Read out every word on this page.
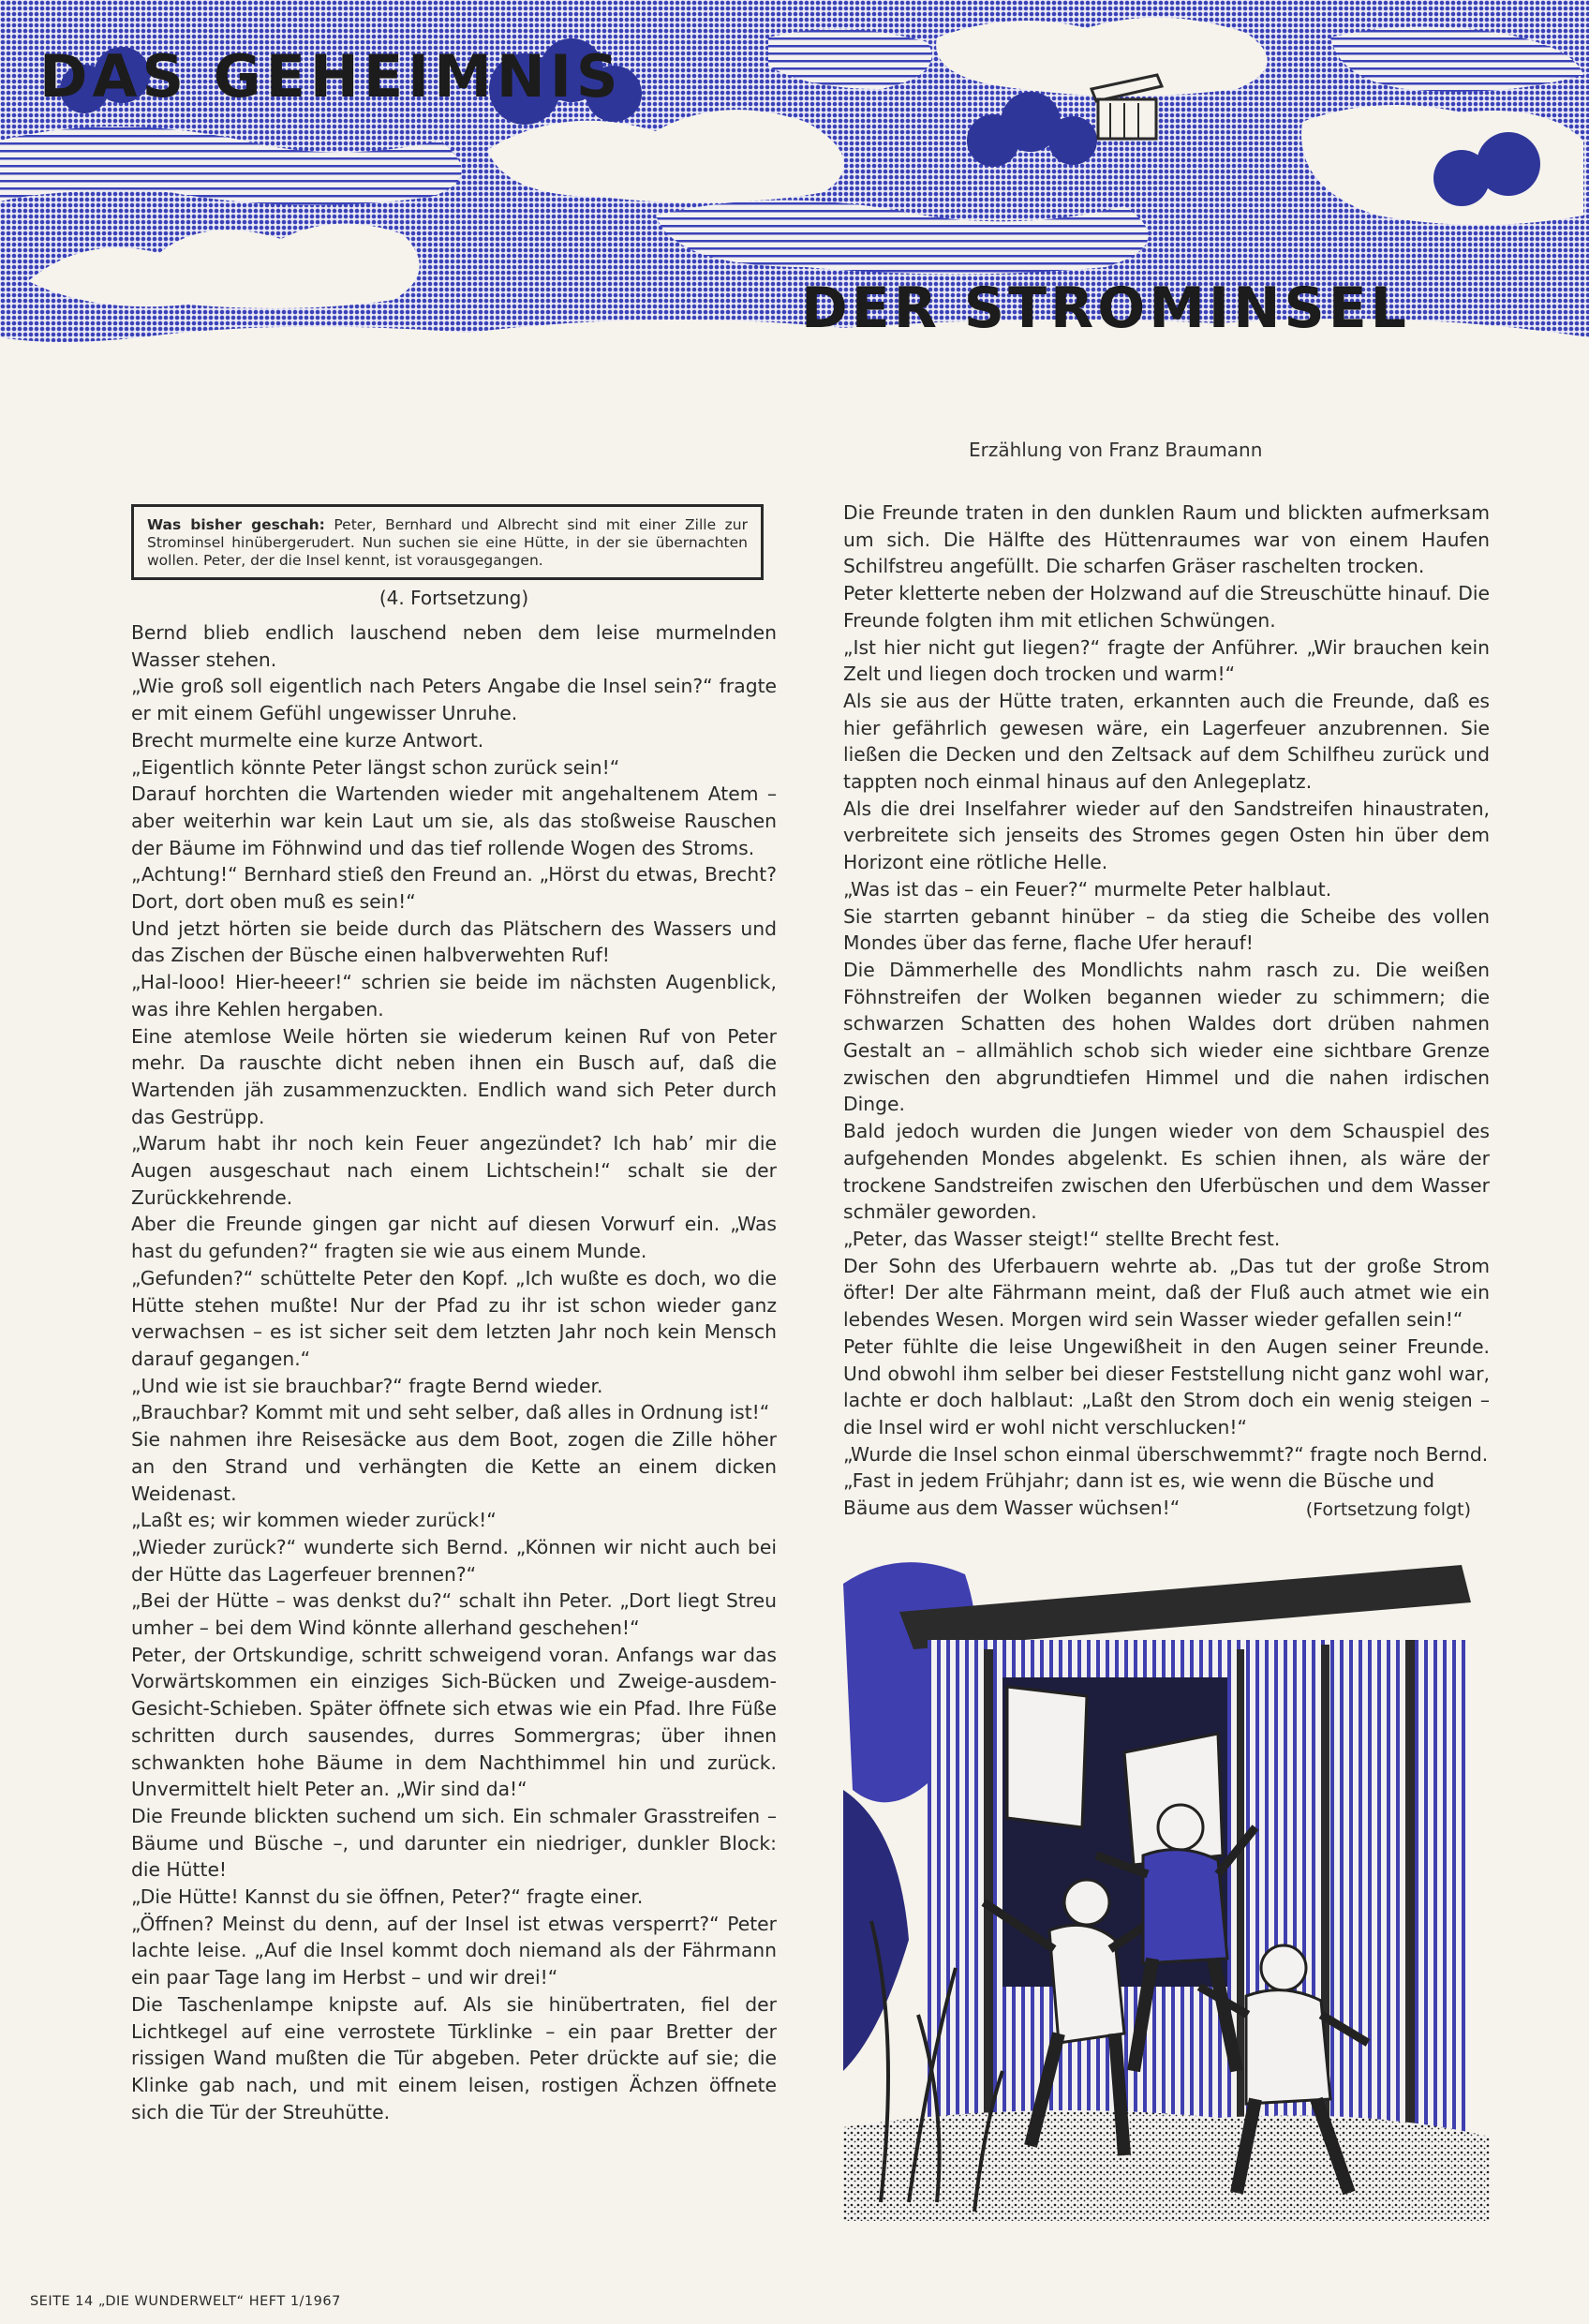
DAS GEHEIMNIS
DER STROMINSEL
Erzählung von Franz Braumann
Was bisher geschah: Peter, Bernhard und Albrecht sind mit einer Zille zur Strominsel hinübergerudert. Nun suchen sie eine Hütte, in der sie übernachten wollen. Peter, der die Insel kennt, ist vorausgegangen.
(4. Fortsetzung)

Bernd blieb endlich lauschend neben dem leise murmelnden Wasser stehen.

„Wie groß soll eigentlich nach Peters Angabe die Insel sein?“ fragte er mit einem Gefühl ungewisser Unruhe.

Brecht murmelte eine kurze Antwort.

„Eigentlich könnte Peter längst schon zurück sein!“

Darauf horchten die Wartenden wieder mit angehaltenem Atem – aber weiterhin war kein Laut um sie, als das stoßweise Rauschen der Bäume im Föhnwind und das tief rollende Wogen des Stroms.

„Achtung!“ Bernhard stieß den Freund an. „Hörst du etwas, Brecht? Dort, dort oben muß es sein!“

Und jetzt hörten sie beide durch das Plätschern des Wassers und das Zischen der Büsche einen halbverwehten Ruf!

„Hal-looo! Hier-heeer!“ schrien sie beide im nächsten Augenblick, was ihre Kehlen hergaben.

Eine atemlose Weile hörten sie wiederum keinen Ruf von Peter mehr. Da rauschte dicht neben ihnen ein Busch auf, daß die Wartenden jäh zusammenzuckten. Endlich wand sich Peter durch das Gestrüpp.

„Warum habt ihr noch kein Feuer angezündet? Ich hab’ mir die Augen ausgeschaut nach einem Lichtschein!“ schalt sie der Zurückkehrende.

Aber die Freunde gingen gar nicht auf diesen Vorwurf ein. „Was hast du gefunden?“ fragten sie wie aus einem Munde.

„Gefunden?“ schüttelte Peter den Kopf. „Ich wußte es doch, wo die Hütte stehen mußte! Nur der Pfad zu ihr ist schon wieder ganz verwachsen – es ist sicher seit dem letzten Jahr noch kein Mensch darauf gegangen.“

„Und wie ist sie brauchbar?“ fragte Bernd wieder.

„Brauchbar? Kommt mit und seht selber, daß alles in Ordnung ist!“

Sie nahmen ihre Reisesäcke aus dem Boot, zogen die Zille höher an den Strand und verhängten die Kette an einem dicken Weidenast.

„Laßt es; wir kommen wieder zurück!“

„Wieder zurück?“ wunderte sich Bernd. „Können wir nicht auch bei der Hütte das Lagerfeuer brennen?“

„Bei der Hütte – was denkst du?“ schalt ihn Peter. „Dort liegt Streu umher – bei dem Wind könnte allerhand geschehen!“

Peter, der Ortskundige, schritt schweigend voran. Anfangs war das Vorwärtskommen ein einziges Sich-Bücken und Zweige-ausdem-Gesicht-Schieben. Später öffnete sich etwas wie ein Pfad. Ihre Füße schritten durch sausendes, durres Sommergras; über ihnen schwankten hohe Bäume in dem Nachthimmel hin und zurück. Unvermittelt hielt Peter an. „Wir sind da!“

Die Freunde blickten suchend um sich. Ein schmaler Grasstreifen – Bäume und Büsche –, und darunter ein niedriger, dunkler Block: die Hütte!

„Die Hütte! Kannst du sie öffnen, Peter?“ fragte einer.

„Öffnen? Meinst du denn, auf der Insel ist etwas versperrt?“ Peter lachte leise. „Auf die Insel kommt doch niemand als der Fährmann ein paar Tage lang im Herbst – und wir drei!“

Die Taschenlampe knipste auf. Als sie hinübertraten, fiel der Lichtkegel auf eine verrostete Türklinke – ein paar Bretter der rissigen Wand mußten die Tür abgeben. Peter drückte auf sie; die Klinke gab nach, und mit einem leisen, rostigen Ächzen öffnete sich die Tür der Streuhütte.

Die Freunde traten in den dunklen Raum und blickten aufmerksam um sich. Die Hälfte des Hüttenraumes war von einem Haufen Schilfstreu angefüllt. Die scharfen Gräser raschelten trocken.

Peter kletterte neben der Holzwand auf die Streuschütte hinauf. Die Freunde folgten ihm mit etlichen Schwüngen.

„Ist hier nicht gut liegen?“ fragte der Anführer. „Wir brauchen kein Zelt und liegen doch trocken und warm!“

Als sie aus der Hütte traten, erkannten auch die Freunde, daß es hier gefährlich gewesen wäre, ein Lagerfeuer anzubrennen. Sie ließen die Decken und den Zeltsack auf dem Schilfheu zurück und tappten noch einmal hinaus auf den Anlegeplatz.

Als die drei Inselfahrer wieder auf den Sandstreifen hinaustraten, verbreitete sich jenseits des Stromes gegen Osten hin über dem Horizont eine rötliche Helle.

„Was ist das – ein Feuer?“ murmelte Peter halblaut.

Sie starrten gebannt hinüber – da stieg die Scheibe des vollen Mondes über das ferne, flache Ufer herauf!

Die Dämmerhelle des Mondlichts nahm rasch zu. Die weißen Föhnstreifen der Wolken begannen wieder zu schimmern; die schwarzen Schatten des hohen Waldes dort drüben nahmen Gestalt an – allmählich schob sich wieder eine sichtbare Grenze zwischen den abgrundtiefen Himmel und die nahen irdischen Dinge.

Bald jedoch wurden die Jungen wieder von dem Schauspiel des aufgehenden Mondes abgelenkt. Es schien ihnen, als wäre der trockene Sandstreifen zwischen den Uferbüschen und dem Wasser schmäler geworden.

„Peter, das Wasser steigt!“ stellte Brecht fest.

Der Sohn des Uferbauern wehrte ab. „Das tut der große Strom öfter! Der alte Fährmann meint, daß der Fluß auch atmet wie ein lebendes Wesen. Morgen wird sein Wasser wieder gefallen sein!“

Peter fühlte die leise Ungewißheit in den Augen seiner Freunde. Und obwohl ihm selber bei dieser Feststellung nicht ganz wohl war, lachte er doch halblaut: „Laßt den Strom doch ein wenig steigen – die Insel wird er wohl nicht verschlucken!“

„Wurde die Insel schon einmal überschwemmt?“ fragte noch Bernd.

„Fast in jedem Frühjahr; dann ist es, wie wenn die Büsche und Bäume aus dem Wasser wüchsen!“	(Fortsetzung folgt)
SEITE 14 „DIE WUNDERWELT“ HEFT 1/1967
